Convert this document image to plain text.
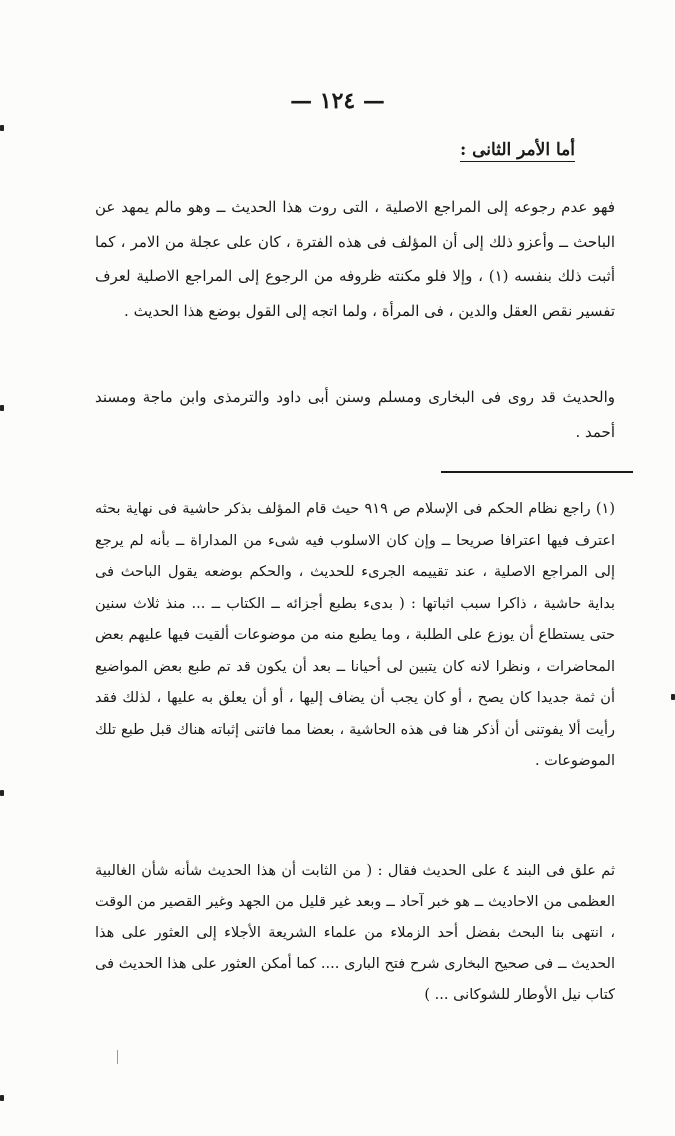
— ١٢٤ —
أما الأمر الثانى :

فهو عدم رجوعه إلى المراجع الاصلية ، التى روت هذا الحديث ــ وهو مالم يمهد عن الباحث ــ وأعزو ذلك إلى أن المؤلف فى هذه الفترة ، كان على عجلة من الامر ، كما أثبت ذلك بنفسه (١) ، وإلا فلو مكنته ظروفه من الرجوع إلى المراجع الاصلية لعرف تفسير نقص العقل والدين ، فى المرأة ، ولما اتجه إلى القول بوضع هذا الحديث .

والحديث قد روى فى البخارى ومسلم وسنن أبى داود والترمذى وابن ماجة ومسند أحمد .

(١) راجع نظام الحكم فى الإسلام ص ٩١٩ حيث قام المؤلف بذكر حاشية فى نهاية بحثه اعترف فيها اعترافا صريحا ــ وإن كان الاسلوب فيه شىء من المداراة ــ بأنه لم يرجع إلى المراجع الاصلية ، عند تقييمه الجرىء للحديث ، والحكم بوضعه يقول الباحث فى بداية حاشية ، ذاكرا سبب اثباتها : ( بدىء بطبع أجزائه ــ الكتاب ــ ... منذ ثلاث سنين حتى يستطاع أن يوزع على الطلبة ، وما يطبع منه من موضوعات ألقيت فيها عليهم بعض المحاضرات ، ونظرا لانه كان يتبين لى أحيانا ــ بعد أن يكون قد تم طبع بعض المواضيع أن ثمة جديدا كان يصح ، أو كان يجب أن يضاف إليها ، أو أن يعلق به عليها ، لذلك فقد رأيت ألا يفوتنى أن أذكر هنا فى هذه الحاشية ، بعضا مما فاتنى إثباته هناك قبل طبع تلك الموضوعات .

ثم علق فى البند ٤ على الحديث فقال : ( من الثابت أن هذا الحديث شأنه شأن الغالبية العظمى من الاحاديث ــ هو خبر آحاد ــ وبعد غير قليل من الجهد وغير القصير من الوقت ، انتهى بنا البحث بفضل أحد الزملاء من علماء الشريعة الأجلاء إلى العثور على هذا الحديث ــ فى صحيح البخارى شرح فتح البارى .... كما أمكن العثور على هذا الحديث فى كتاب نيل الأوطار للشوكانى ... )
